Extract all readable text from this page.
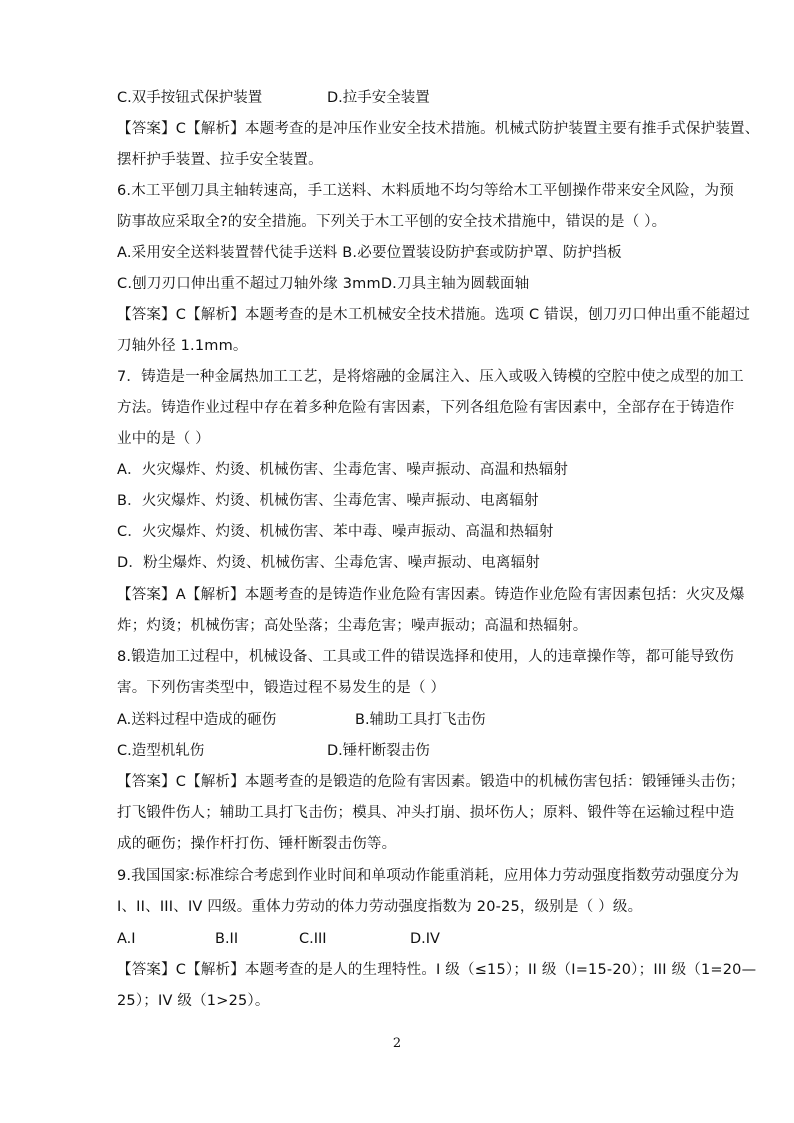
C.双手按钮式保护装置	D.拉手安全装置
【答案】C【解析】本题考查的是冲压作业安全技术措施。机械式防护装置主要有推手式保护装置、
摆杆护手装置、拉手安全装置。
6.木工平刨刀具主轴转速高，手工送料、木料质地不均匀等给木工平刨操作带来安全风险，为预
防事故应采取全?的安全措施。下列关于木工平刨的安全技术措施中，错误的是（ ）。
A.采用安全送料装置替代徒手送料 B.必要位置装设防护套或防护罩、防护挡板
C.刨刀刃口伸出重不超过刀轴外缘 3mmD.刀具主轴为圆载面轴
【答案】C【解析】本题考查的是木工机械安全技术措施。选项 C 错误，刨刀刃口伸出重不能超过
刀轴外径 1.1mm。
7．铸造是一种金属热加工工艺，是将熔融的金属注入、压入或吸入铸模的空腔中使之成型的加工
方法。铸造作业过程中存在着多种危险有害因素，下列各组危险有害因素中，全部存在于铸造作
业中的是（ ）
A．火灾爆炸、灼烫、机械伤害、尘毒危害、噪声振动、高温和热辐射
B．火灾爆炸、灼烫、机械伤害、尘毒危害、噪声振动、电离辐射
C．火灾爆炸、灼烫、机械伤害、苯中毒、噪声振动、高温和热辐射
D．粉尘爆炸、灼烫、机械伤害、尘毒危害、噪声振动、电离辐射
【答案】A【解析】本题考查的是铸造作业危险有害因素。铸造作业危险有害因素包括：火灾及爆
炸；灼烫；机械伤害；高处坠落；尘毒危害；噪声振动；高温和热辐射。
8.锻造加工过程中，机械设备、工具或工件的错误选择和使用，人的违章操作等，都可能导致伤
害。下列伤害类型中，锻造过程不易发生的是（ ）
A.送料过程中造成的砸伤	B.辅助工具打飞击伤
C.造型机轧伤	D.锤杆断裂击伤
【答案】C【解析】本题考查的是锻造的危险有害因素。锻造中的机械伤害包括：锻锤锤头击伤；
打飞锻件伤人；辅助工具打飞击伤；模具、冲头打崩、损坏伤人；原料、锻件等在运输过程中造
成的砸伤；操作杆打伤、锤杆断裂击伤等。
9.我国国家:标准综合考虑到作业时间和单项动作能重消耗，应用体力劳动强度指数劳动强度分为
I、II、III、IV 四级。重体力劳动的体力劳动强度指数为 20-25，级别是（ ）级。
A.I	B.II	C.III	D.IV
【答案】C【解析】本题考查的是人的生理特性。I 级（≤15）；II 级（I=15-20）；III 级（1=20—
25）；IV 级（1>25）。
2
